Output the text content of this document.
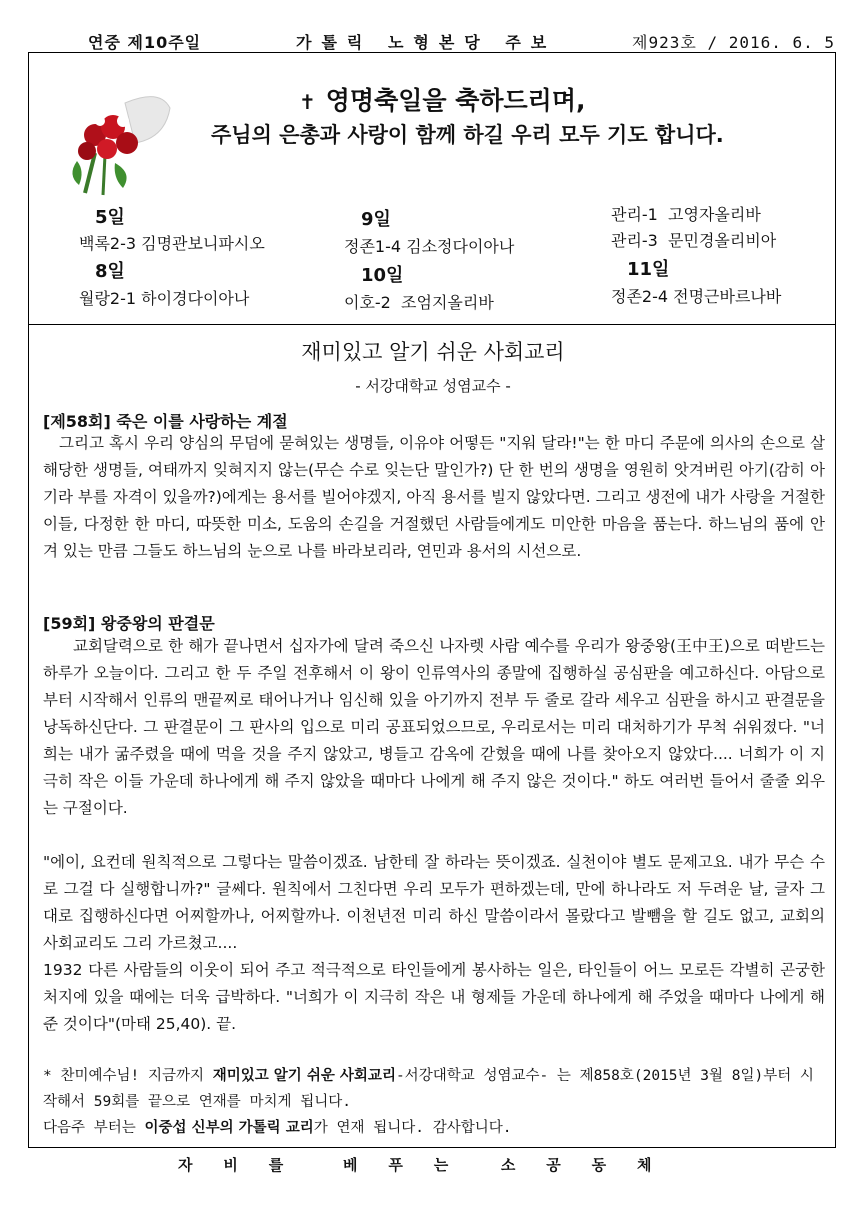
연중 제10주일	가톨릭 노형본당 주보	제923호 / 2016. 6. 5
✝ 영명축일을 축하드리며,
주님의 은총과 사랑이 함께 하길 우리 모두 기도 합니다.
5일
백록2-3 김명관보니파시오
8일
월랑2-1 하이경다이아나
9일
정존1-4 김소정다이아나
10일
이호-2  조엄지올리바
관리-1  고영자올리바
관리-3  문민경올리비아
11일
정존2-4 전명근바르나바
재미있고 알기 쉬운 사회교리
- 서강대학교 성염교수 -
[제58회] 죽은 이를 사랑하는 계절

그리고 혹시 우리 양심의 무덤에 묻혀있는 생명들, 이유야 어떻든 "지워 달라!"는 한 마디 주문에 의사의 손으로 살해당한 생명들, 여태까지 잊혀지지 않는(무슨 수로 잊는단 말인가?) 단 한 번의 생명을 영원히 앗겨버린 아기(감히 아기라 부를 자격이 있을까?)에게는 용서를 빌어야겠지, 아직 용서를 빌지 않았다면. 그리고 생전에 내가 사랑을 거절한 이들, 다정한 한 마디, 따뜻한 미소, 도움의 손길을 거절했던 사람들에게도 미안한 마음을 품는다. 하느님의 품에 안겨 있는 만큼 그들도 하느님의 눈으로 나를 바라보리라, 연민과 용서의 시선으로.

[59회] 왕중왕의 판결문

교회달력으로 한 해가 끝나면서 십자가에 달려 죽으신 나자렛 사람 예수를 우리가 왕중왕(王中王)으로 떠받드는 하루가 오늘이다. 그리고 한 두 주일 전후해서 이 왕이 인류역사의 종말에 집행하실 공심판을 예고하신다. 아담으로부터 시작해서 인류의 맨끝찌로 태어나거나 임신해 있을 아기까지 전부 두 줄로 갈라 세우고 심판을 하시고 판결문을 낭독하신단다. 그 판결문이 그 판사의 입으로 미리 공표되었으므로, 우리로서는 미리 대처하기가 무척 쉬워졌다. "너희는 내가 굶주렸을 때에 먹을 것을 주지 않았고, 병들고 감옥에 갇혔을 때에 나를 찾아오지 않았다.... 너희가 이 지극히 작은 이들 가운데 하나에게 해 주지 않았을 때마다 나에게 해 주지 않은 것이다." 하도 여러번 들어서 줄줄 외우는 구절이다.

"에이, 요컨데 원칙적으로 그렇다는 말씀이겠죠. 남한테 잘 하라는 뜻이겠죠. 실천이야 별도 문제고요. 내가 무슨 수로 그걸 다 실행합니까?" 글쎄다. 원칙에서 그친다면 우리 모두가 편하겠는데, 만에 하나라도 저 두려운 날, 글자 그대로 집행하신다면 어찌할까나, 어찌할까나. 이천년전 미리 하신 말씀이라서 몰랐다고 발뺌을 할 길도 없고, 교회의 사회교리도 그리 가르쳤고....

1932 다른 사람들의 이웃이 되어 주고 적극적으로 타인들에게 봉사하는 일은, 타인들이 어느 모로든 각별히 곤궁한 처지에 있을 때에는 더욱 급박하다. "너희가 이 지극히 작은 내 형제들 가운데 하나에게 해 주었을 때마다 나에게 해 준 것이다"(마태 25,40). 끝.

* 찬미예수님! 지금까지 재미있고 알기 쉬운 사회교리-서강대학교 성염교수- 는 제858호(2015년 3월 8일)부터 시작해서 59회를 끝으로 연재를 마치게 됩니다.

다음주 부터는 이중섭 신부의 가톨릭 교리가 연재 됩니다. 감사합니다.

자    비    를        베    푸    는       소    공    동    체
